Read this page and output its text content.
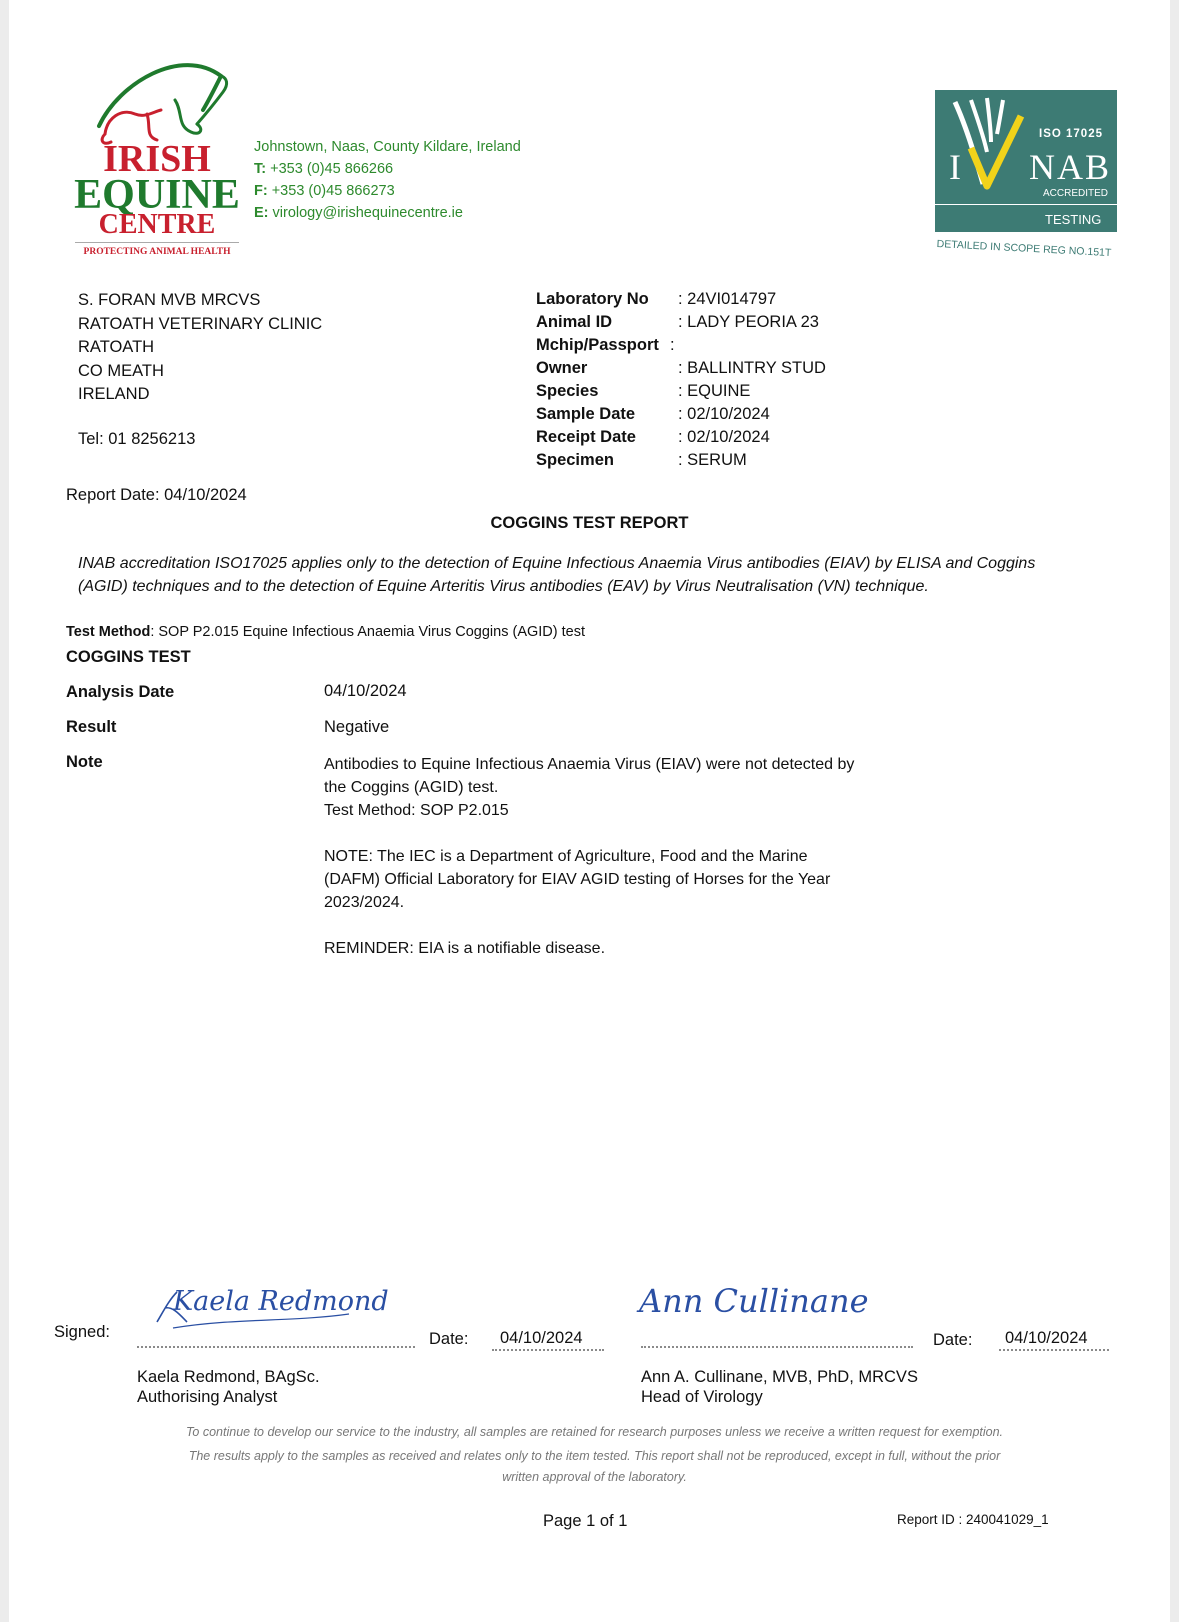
IRISH
EQUINE
CENTRE
PROTECTING ANIMAL HEALTH
Johnstown, Naas, County Kildare, Ireland
T: +353 (0)45 866266
F: +353 (0)45 866273
E: virology@irishequinecentre.ie
ISO 17025
I NAB
ACCREDITED
TESTING
DETAILED IN SCOPE REG NO.151T
S. FORAN MVB MRCVS
RATOATH VETERINARY CLINIC
RATOATH
CO MEATH
IRELAND
Tel: 01 8256213
Laboratory No : 24VI014797
Animal ID	: LADY PEORIA 23
Mchip/Passport :
Owner	: BALLINTRY STUD
Species	: EQUINE
Sample Date	: 02/10/2024
Receipt Date	: 02/10/2024
Specimen	: SERUM
Report Date: 04/10/2024
COGGINS TEST REPORT
INAB accreditation ISO17025 applies only to the detection of Equine Infectious Anaemia Virus antibodies (EIAV) by ELISA and Coggins (AGID) techniques and to the detection of Equine Arteritis Virus antibodies (EAV) by Virus Neutralisation (VN) technique.
Test Method: SOP P2.015 Equine Infectious Anaemia Virus Coggins (AGID) test
COGGINS TEST
Analysis Date	04/10/2024
Result	Negative
Note	Antibodies to Equine Infectious Anaemia Virus (EIAV) were not detected by
the Coggins (AGID) test.
Test Method: SOP P2.015
NOTE: The IEC is a Department of Agriculture, Food and the Marine
(DAFM) Official Laboratory for EIAV AGID testing of Horses for the Year
2023/2024.
REMINDER: EIA is a notifiable disease.
Signed:
Kaela Redmond
Date: 04/10/2024
Kaela Redmond, BAgSc.
Authorising Analyst
Ann Cullinane
Date: 04/10/2024
Ann A. Cullinane, MVB, PhD, MRCVS
Head of Virology
To continue to develop our service to the industry, all samples are retained for research purposes unless we receive a written request for exemption.
The results apply to the samples as received and relates only to the item tested. This report shall not be reproduced, except in full, without the prior
written approval of the laboratory.
Page 1 of 1	Report ID : 240041029_1
